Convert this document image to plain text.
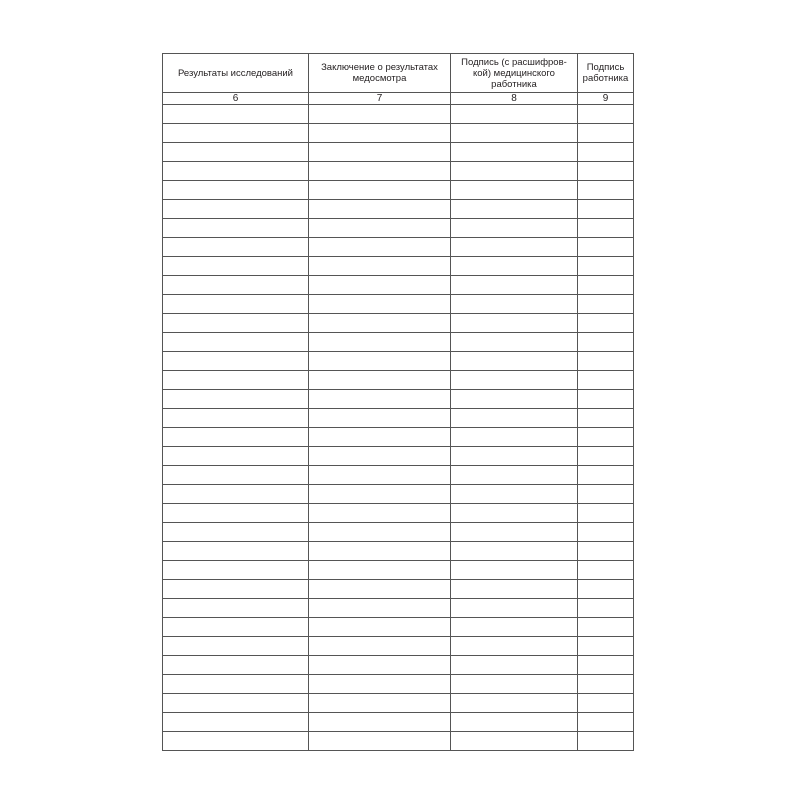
Результаты исследований	Заключение о результатах медосмотра	Подпись (с расшифров-кой) медицинского работника	Подпись работника
6	7	8	9
